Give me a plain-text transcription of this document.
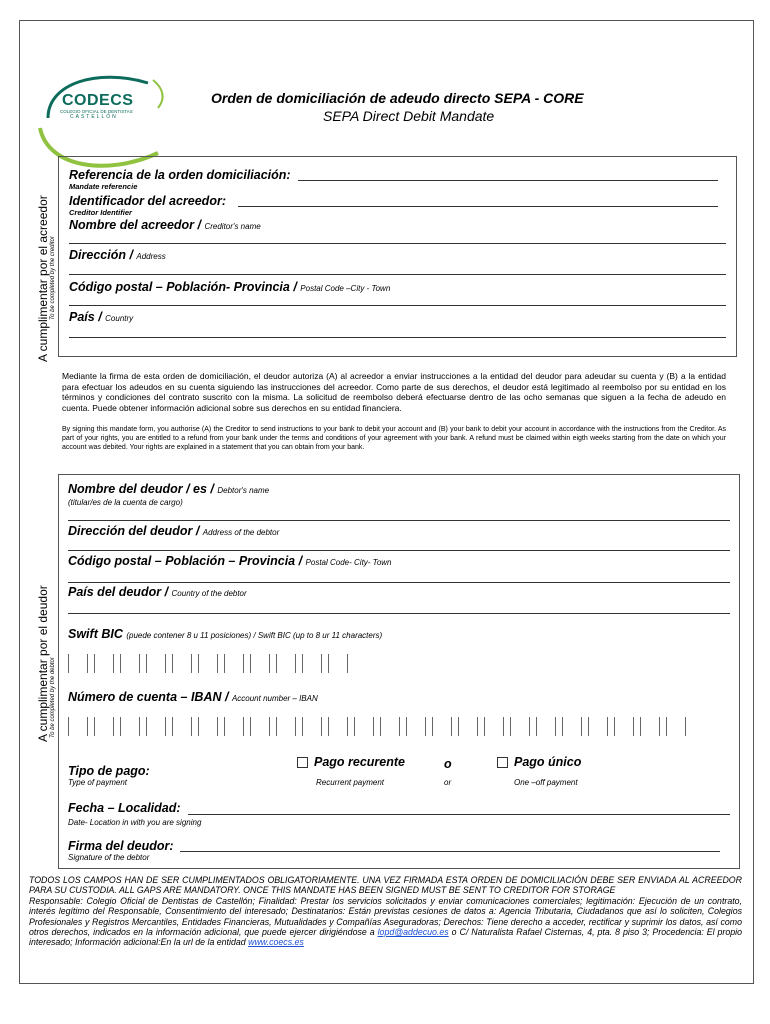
CODECS
COLEGIO OFICIAL DE DENTISTAS
CASTELLÓN
Orden de domiciliación de adeudo directo SEPA - CORE
SEPA Direct Debit Mandate
A cumplimentar por el acreedor To be completed by the creditor
Referencia de la orden domiciliación:
Mandate referencie
Identificador del acreedor:
Creditor Identifier
Nombre del acreedor / Creditor's name
Dirección / Address
Código postal – Población- Provincia / Postal Code –City - Town
País / Country
Mediante la firma de esta orden de domiciliación, el deudor autoriza (A) al acreedor a enviar instrucciones a la entidad del deudor para adeudar su cuenta y (B) a la entidad para efectuar los adeudos en su cuenta siguiendo las instrucciones del acreedor. Como parte de sus derechos, el deudor está legitimado al reembolso por su entidad en los términos y condiciones del contrato suscrito con la misma. La solicitud de reembolso deberá efectuarse dentro de las ocho semanas que siguen a la fecha de adeudo en cuenta. Puede obtener información adicional sobre sus derechos en su entidad financiera.
By signing this mandate form, you authorise (A) the Creditor to send instructions to your bank to debit your account and (B) your bank to debit your account in accordance with the instructions from the Creditor. As part of your rights, you are entitled to a refund from your bank under the terms and conditions of your agreement with your bank. A refund must be claimed within eigth weeks starting from the date on which your account was debited. Your rights are explained in a statement that you can obtain from your bank.
A cumplimentar por el deudor To be completed by the debtor
Nombre del deudor / es / Debtor's name
(titular/es de la cuenta de cargo)
Dirección del deudor / Address of the debtor
Código postal – Población – Provincia / Postal Code- City- Town
País del deudor / Country of the debtor
Swift BIC (puede contener 8 u 11 posiciones) / Swift BIC (up to 8 ur 11 characters)
Número de cuenta – IBAN / Account number – IBAN
Tipo de pago:
Type of payment
Pago recurente
Recurrent payment
o
or
Pago único
One –off payment
Fecha – Localidad:
Date- Location in with you are signing
Firma del deudor:
Signature of the debtor
TODOS LOS CAMPOS HAN DE SER CUMPLIMENTADOS OBLIGATORIAMENTE. UNA VEZ FIRMADA ESTA ORDEN DE DOMICILIACIÓN DEBE SER ENVIADA AL ACREEDOR PARA SU CUSTODIA. ALL GAPS ARE MANDATORY. ONCE THIS MANDATE HAS BEEN SIGNED MUST BE SENT TO CREDITOR FOR STORAGE
Responsable: Colegio Oficial de Dentistas de Castellón; Finalidad: Prestar los servicios solicitados y enviar comunicaciones comerciales; legitimación: Ejecución de un contrato, interés legítimo del Responsable, Consentimiento del interesado; Destinatarios: Están previstas cesiones de datos a: Agencia Tributaria, Ciudadanos que así lo soliciten, Colegios Profesionales y Registros Mercantiles, Entidades Financieras, Mutualidades y Compañías Aseguradoras; Derechos: Tiene derecho a acceder, rectificar y suprimir los datos, así como otros derechos, indicados en la información adicional, que puede ejercer dirigiéndose a lopd@addecuo.es o C/ Naturalista Rafael Cisternas, 4, pta. 8 piso 3; Procedencia: El propio interesado; Información adicional:En la url de la entidad www.coecs.es
